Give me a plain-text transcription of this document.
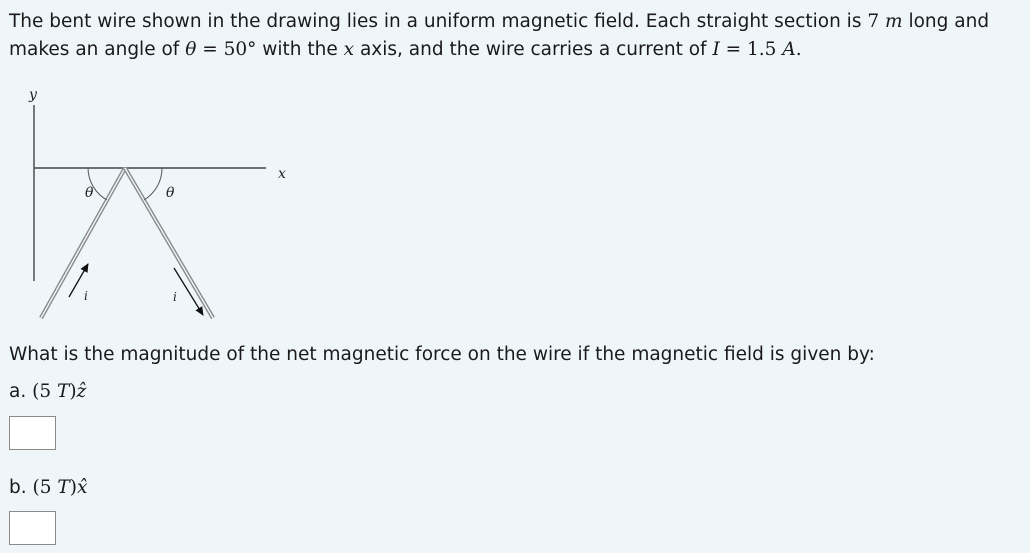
The bent wire shown in the drawing lies in a uniform magnetic field. Each straight section is 7 m long and makes an angle of θ = 50° with the x axis, and the wire carries a current of I = 1.5 A.
y
x
θ	θ
i	i
What is the magnitude of the net magnetic force on the wire if the magnetic field is given by:
a. (5 T)ẑ
b. (5 T)x̂
